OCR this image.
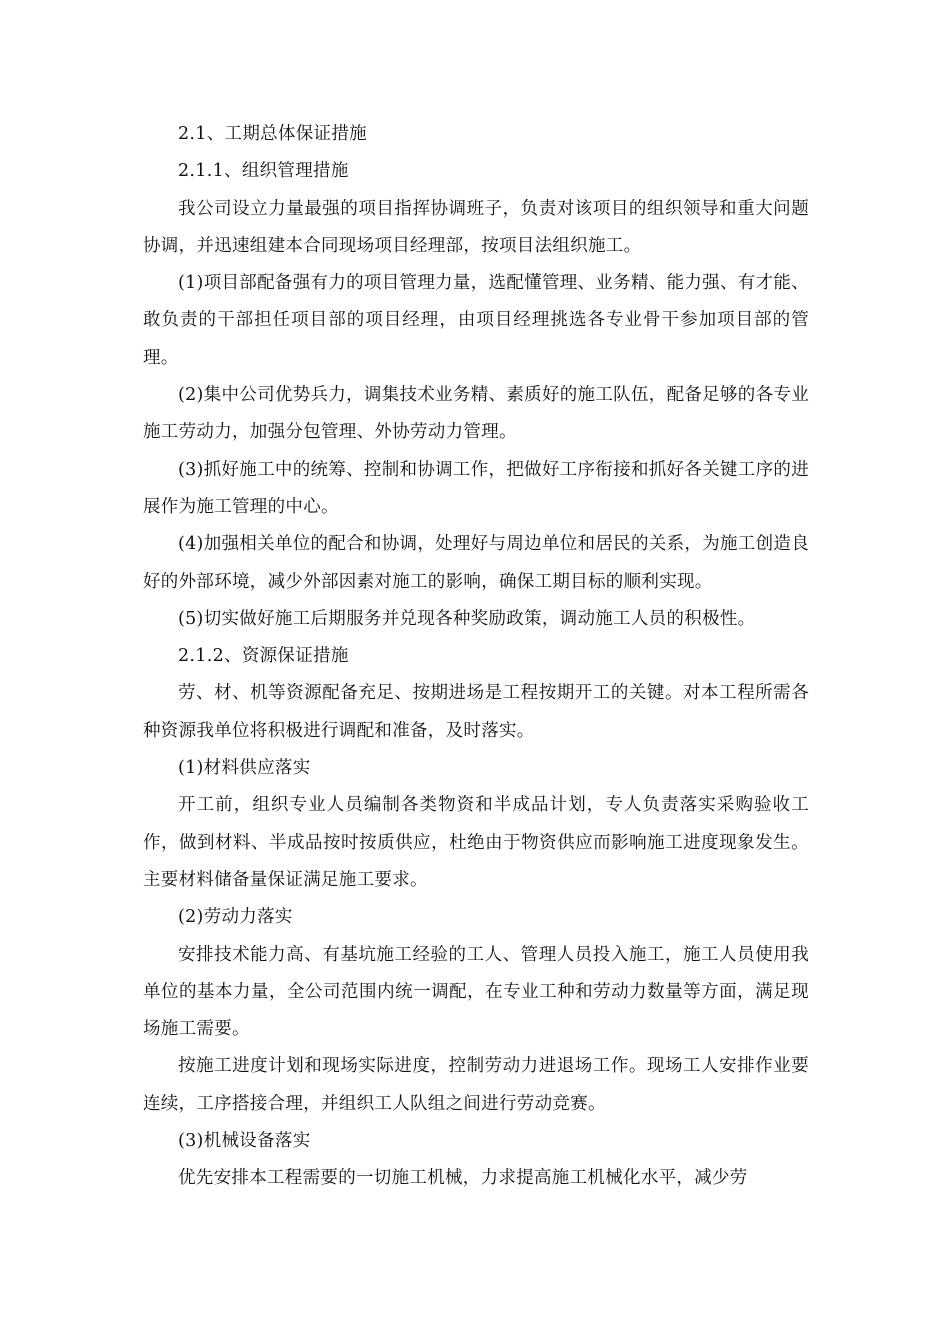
2.1、工期总体保证措施

2.1.1、组织管理措施

我公司设立力量最强的项目指挥协调班子，负责对该项目的组织领导和重大问题协调，并迅速组建本合同现场项目经理部，按项目法组织施工。

(1)项目部配备强有力的项目管理力量，选配懂管理、业务精、能力强、有才能、敢负责的干部担任项目部的项目经理，由项目经理挑选各专业骨干参加项目部的管理。

(2)集中公司优势兵力，调集技术业务精、素质好的施工队伍，配备足够的各专业施工劳动力，加强分包管理、外协劳动力管理。

(3)抓好施工中的统筹、控制和协调工作，把做好工序衔接和抓好各关键工序的进展作为施工管理的中心。

(4)加强相关单位的配合和协调，处理好与周边单位和居民的关系，为施工创造良好的外部环境，减少外部因素对施工的影响，确保工期目标的顺利实现。

(5)切实做好施工后期服务并兑现各种奖励政策，调动施工人员的积极性。

2.1.2、资源保证措施

劳、材、机等资源配备充足、按期进场是工程按期开工的关键。对本工程所需各种资源我单位将积极进行调配和准备，及时落实。

(1)材料供应落实

开工前，组织专业人员编制各类物资和半成品计划，专人负责落实采购验收工作，做到材料、半成品按时按质供应，杜绝由于物资供应而影响施工进度现象发生。主要材料储备量保证满足施工要求。

(2)劳动力落实

安排技术能力高、有基坑施工经验的工人、管理人员投入施工，施工人员使用我单位的基本力量，全公司范围内统一调配，在专业工种和劳动力数量等方面，满足现场施工需要。

按施工进度计划和现场实际进度，控制劳动力进退场工作。现场工人安排作业要连续，工序搭接合理，并组织工人队组之间进行劳动竞赛。

(3)机械设备落实

优先安排本工程需要的一切施工机械，力求提高施工机械化水平，减少劳
